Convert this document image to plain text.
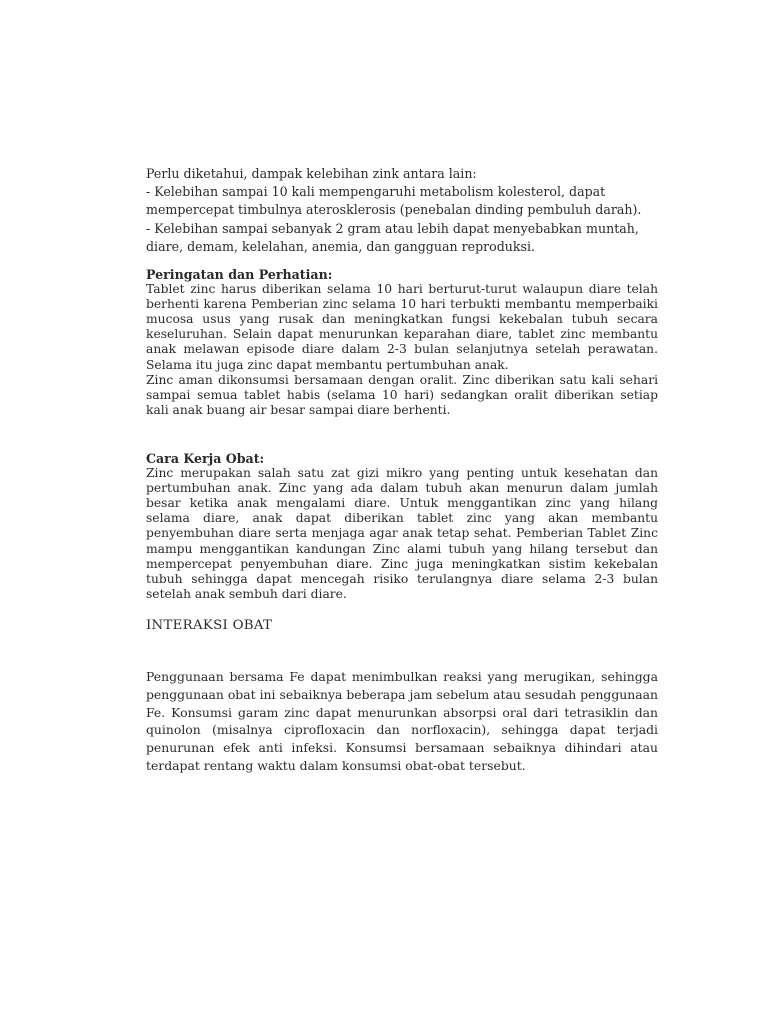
Perlu diketahui, dampak kelebihan zink antara lain:

- Kelebihan sampai 10 kali mempengaruhi metabolism kolesterol, dapat mempercepat timbulnya aterosklerosis (penebalan dinding pembuluh darah).

- Kelebihan sampai sebanyak 2 gram atau lebih dapat menyebabkan muntah, diare, demam, kelelahan, anemia, dan gangguan reproduksi.

Peringatan dan Perhatian:

Tablet zinc harus diberikan selama 10 hari berturut-turut walaupun diare telah berhenti karena Pemberian zinc selama 10 hari terbukti membantu memperbaiki mucosa usus yang rusak dan meningkatkan fungsi kekebalan tubuh secara keseluruhan. Selain dapat menurunkan keparahan diare, tablet zinc membantu anak melawan episode diare dalam 2-3 bulan selanjutnya setelah perawatan. Selama itu juga zinc dapat membantu pertumbuhan anak.

Zinc aman dikonsumsi bersamaan dengan oralit. Zinc diberikan satu kali sehari sampai semua tablet habis (selama 10 hari) sedangkan oralit diberikan setiap kali anak buang air besar sampai diare berhenti.

Cara Kerja Obat:

Zinc merupakan salah satu zat gizi mikro yang penting untuk kesehatan dan pertumbuhan anak. Zinc yang ada dalam tubuh akan menurun dalam jumlah besar ketika anak mengalami diare. Untuk menggantikan zinc yang hilang selama diare, anak dapat diberikan tablet zinc yang akan membantu penyembuhan diare serta menjaga agar anak tetap sehat. Pemberian Tablet Zinc mampu menggantikan kandungan Zinc alami tubuh yang hilang tersebut dan mempercepat penyembuhan diare. Zinc juga meningkatkan sistim kekebalan tubuh sehingga dapat mencegah risiko terulangnya diare selama 2-3 bulan setelah anak sembuh dari diare.

INTERAKSI OBAT

Penggunaan bersama Fe dapat menimbulkan reaksi yang merugikan, sehingga penggunaan obat ini sebaiknya beberapa jam sebelum atau sesudah penggunaan Fe. Konsumsi garam zinc dapat menurunkan absorpsi oral dari tetrasiklin dan quinolon (misalnya ciprofloxacin dan norfloxacin), sehingga dapat terjadi penurunan efek anti infeksi. Konsumsi bersamaan sebaiknya dihindari atau terdapat rentang waktu dalam konsumsi obat-obat tersebut.
